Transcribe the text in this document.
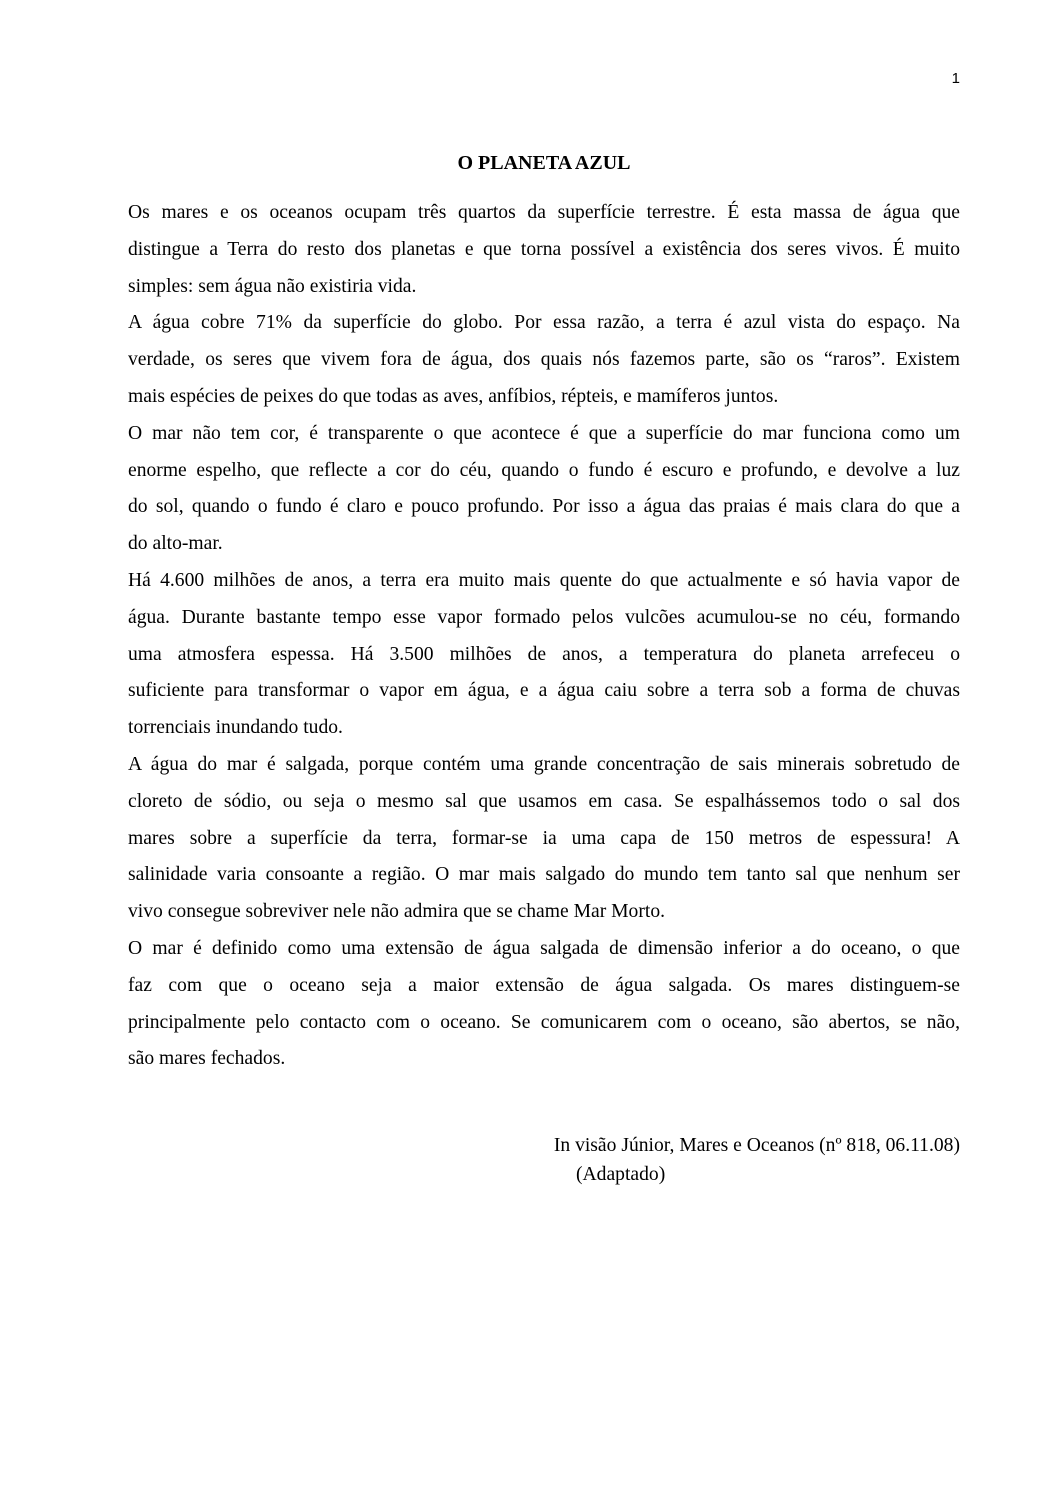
1
O PLANETA AZUL
Os mares e os oceanos ocupam três quartos da superfície terrestre. É esta massa de água que
distingue a Terra do resto dos planetas e que torna possível a existência dos seres vivos. É muito
simples: sem água não existiria vida.
A água cobre 71% da superfície do globo. Por essa razão, a terra é azul vista do espaço. Na
verdade, os seres que vivem fora de água, dos quais nós fazemos parte, são os “raros”. Existem
mais espécies de peixes do que todas as aves, anfíbios, répteis, e mamíferos juntos.
O mar não tem cor, é transparente o que acontece é que a superfície do mar funciona como um
enorme espelho, que reflecte a cor do céu, quando o fundo é escuro e profundo, e devolve a luz
do sol, quando o fundo é claro e pouco profundo. Por isso a água das praias é mais clara do que a
do alto-mar.
Há 4.600 milhões de anos, a terra era muito mais quente do que actualmente e só havia vapor de
água. Durante bastante tempo esse vapor formado pelos vulcões acumulou-se no céu, formando
uma atmosfera espessa. Há 3.500 milhões de anos, a temperatura do planeta arrefeceu o
suficiente para transformar o vapor em água, e a água caiu sobre a terra sob a forma de chuvas
torrenciais inundando tudo.
A água do mar é salgada, porque contém uma grande concentração de sais minerais sobretudo de
cloreto de sódio, ou seja o mesmo sal que usamos em casa. Se espalhássemos todo o sal dos
mares sobre a superfície da terra, formar-se ia uma capa de 150 metros de espessura! A
salinidade varia consoante a região. O mar mais salgado do mundo tem tanto sal que nenhum ser
vivo consegue sobreviver nele não admira que se chame Mar Morto.
O mar é definido como uma extensão de água salgada de dimensão inferior a do oceano, o que
faz com que o oceano seja a maior extensão de água salgada. Os mares distinguem-se
principalmente pelo contacto com o oceano. Se comunicarem com o oceano, são abertos, se não,
são mares fechados.
In visão Júnior, Mares e Oceanos (nº 818, 06.11.08)
(Adaptado)
